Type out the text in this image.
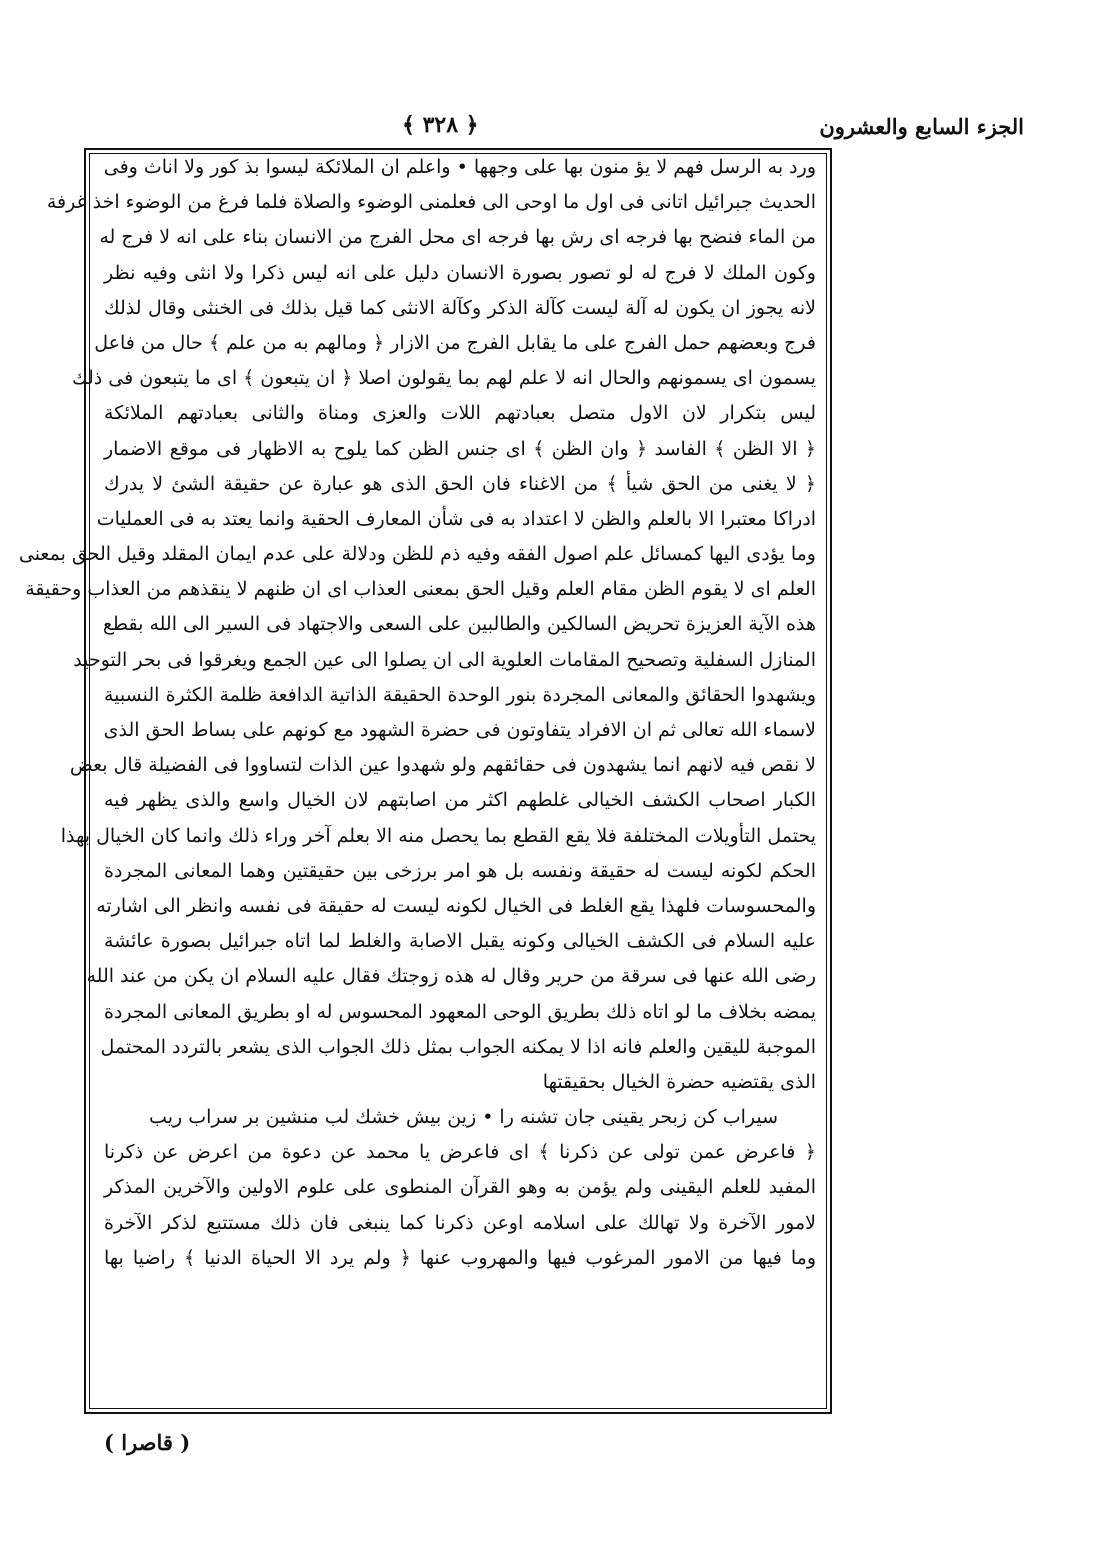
الجزء السابع والعشرون
﴿ ٣٢٨ ﴾
ورد به الرسل فهم لا يؤ منون بها على وجهها • واعلم ان الملائكة ليسوا بذ كور ولا اناث وفى
الحديث جبرائيل اتانى فى اول ما اوحى الى فعلمنى الوضوء والصلاة فلما فرغ من الوضوء اخذ غرفة
من الماء فنضح بها فرجه اى رش بها فرجه اى محل الفرج من الانسان بناء على انه لا فرج له
وكون الملك لا فرج له لو تصور بصورة الانسان دليل على انه ليس ذكرا ولا انثى وفيه نظر
لانه يجوز ان يكون له آلة ليست كآلة الذكر وكآلة الانثى كما قيل بذلك فى الخنثى وقال لذلك
فرج وبعضهم حمل الفرج على ما يقابل الفرج من الازار ﴿ ومالهم به من علم ﴾ حال من فاعل
يسمون اى يسمونهم والحال انه لا علم لهم بما يقولون اصلا ﴿ ان يتبعون ﴾ اى ما يتبعون فى ذلك
ليس بتكرار لان الاول متصل بعبادتهم اللات والعزى ومناة والثانى بعبادتهم الملائكة
﴿ الا الظن ﴾ الفاسد ﴿ وان الظن ﴾ اى جنس الظن كما يلوح به الاظهار فى موقع الاضمار
﴿ لا يغنى من الحق شيأ ﴾ من الاغناء فان الحق الذى هو عبارة عن حقيقة الشئ لا يدرك
ادراكا معتبرا الا بالعلم والظن لا اعتداد به فى شأن المعارف الحقية وانما يعتد به فى العمليات
وما يؤدى اليها كمسائل علم اصول الفقه وفيه ذم للظن ودلالة على عدم ايمان المقلد وقيل الحق بمعنى
العلم اى لا يقوم الظن مقام العلم وقيل الحق بمعنى العذاب اى ان ظنهم لا ينقذهم من العذاب وحقيقة
هذه الآية العزيزة تحريض السالكين والطالبين على السعى والاجتهاد فى السير الى الله بقطع
المنازل السفلية وتصحيح المقامات العلوية الى ان يصلوا الى عين الجمع ويغرقوا فى بحر التوحيد
ويشهدوا الحقائق والمعانى المجردة بنور الوحدة الحقيقة الذاتية الدافعة ظلمة الكثرة النسبية
لاسماء الله تعالى ثم ان الافراد يتفاوتون فى حضرة الشهود مع كونهم على بساط الحق الذى
لا نقص فيه لانهم انما يشهدون فى حقائقهم ولو شهدوا عين الذات لتساووا فى الفضيلة قال بعض
الكبار اصحاب الكشف الخيالى غلطهم اكثر من اصابتهم لان الخيال واسع والذى يظهر فيه
يحتمل التأويلات المختلفة فلا يقع القطع بما يحصل منه الا بعلم آخر وراء ذلك وانما كان الخيال بهذا
الحكم لكونه ليست له حقيقة ونفسه بل هو امر برزخى بين حقيقتين وهما المعانى المجردة
والمحسوسات فلهذا يقع الغلط فى الخيال لكونه ليست له حقيقة فى نفسه وانظر الى اشارته
عليه السلام فى الكشف الخيالى وكونه يقبل الاصابة والغلط لما اتاه جبرائيل بصورة عائشة
رضى الله عنها فى سرقة من حرير وقال له هذه زوجتك فقال عليه السلام ان يكن من عند الله
يمضه بخلاف ما لو اتاه ذلك بطريق الوحى المعهود المحسوس له او بطريق المعانى المجردة
الموجبة لليقين والعلم فانه اذا لا يمكنه الجواب بمثل ذلك الجواب الذى يشعر بالتردد المحتمل
الذى يقتضيه حضرة الخيال بحقيقتها
سيراب كن زبحر يقينى جان تشنه را • زين بيش خشك لب منشين بر سراب ريب
﴿ فاعرض عمن تولى عن ذكرنا ﴾ اى فاعرض يا محمد عن دعوة من اعرض عن ذكرنا
المفيد للعلم اليقينى ولم يؤمن به وهو القرآن المنطوى على علوم الاولين والآخرين المذكر
لامور الآخرة ولا تهالك على اسلامه اوعن ذكرنا كما ينبغى فان ذلك مستتبع لذكر الآخرة
وما فيها من الامور المرغوب فيها والمهروب عنها ﴿ ولم يرد الا الحياة الدنيا ﴾ راضيا بها
( قاصرا )
